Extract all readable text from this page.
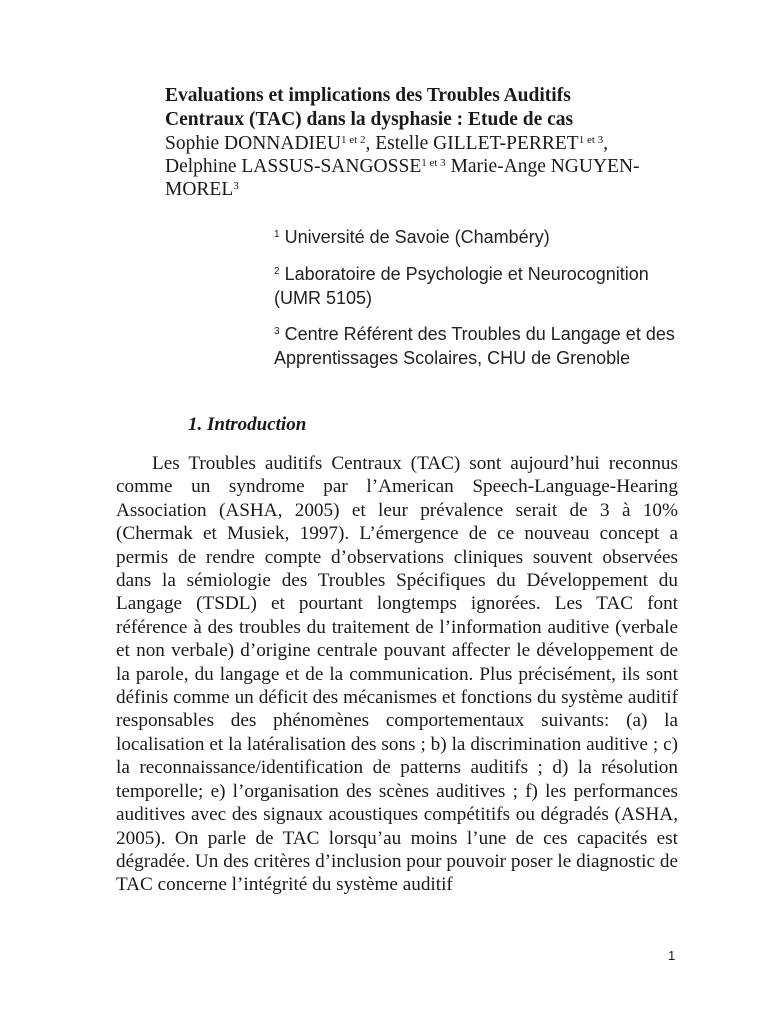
Evaluations et implications des Troubles Auditifs
Centraux (TAC) dans la dysphasie : Etude de cas

Sophie $DONNADIEU^{1 et 2}$, Estelle GILLET-$PERRET^{1 et 3}$,
Delphine LASSUS-$SANGOSSE^{1 et 3}$ Marie-Ange NGUYEN-MOREL$^3$

$^1$ Université de Savoie (Chambéry)

$^2$ Laboratoire de Psychologie et Neurocognition (UMR 5105)

$^3$ Centre Référent des Troubles du Langage et des Apprentissages Scolaires, CHU de Grenoble

1. Introduction

Les Troubles auditifs Centraux (TAC) sont aujourd’hui reconnus comme un syndrome par l’American Speech-Language-Hearing Association (ASHA, 2005) et leur prévalence serait de 3 à 10% (Chermak et Musiek, 1997). L’émergence de ce nouveau concept a permis de rendre compte d’observations cliniques souvent observées dans la sémiologie des Troubles Spécifiques du Développement du Langage (TSDL) et pourtant longtemps ignorées. Les TAC font référence à des troubles du traitement de l’information auditive (verbale et non verbale) d’origine centrale pouvant affecter le développement de la parole, du langage et de la communication. Plus précisément, ils sont définis comme un déficit des mécanismes et fonctions du système auditif responsables des phénomènes comportementaux suivants: (a) la localisation et la latéralisation des sons ; b) la discrimination auditive ; c) la reconnaissance/identification de patterns auditifs ; d) la résolution temporelle; e) l’organisation des scènes auditives ; f) les performances auditives avec des signaux acoustiques compétitifs ou dégradés (ASHA, 2005). On parle de TAC lorsqu’au moins l’une de ces capacités est dégradée. Un des critères d’inclusion pour pouvoir poser le diagnostic de TAC concerne l’intégrité du système auditif

1
